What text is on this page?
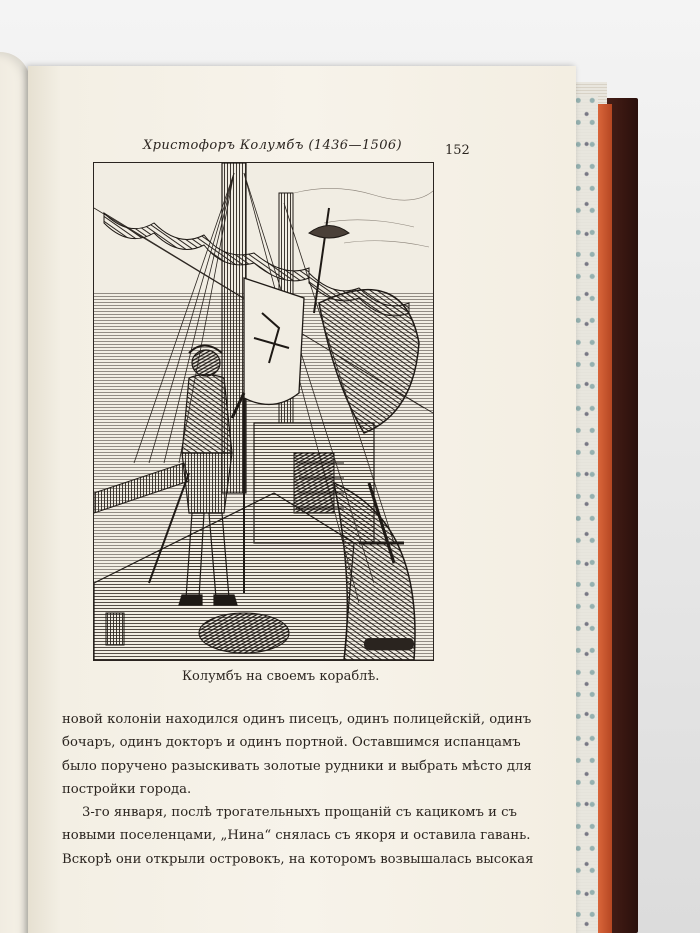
Христофоръ Колумбъ (1436—1506)	152
Колумбъ на своемъ кораблѣ.
новой колонiи находился одинъ писецъ, одинъ полицейскiй, одинъ
бочаръ, одинъ докторъ и одинъ портной. Оставшимся испанцамъ
было поручено разыскивать золотые рудники и выбрать мѣсто для
постройки города.
3-го января, послѣ трогательныхъ прощанiй съ кацикомъ и съ
новыми поселенцами, „Нина“ снялась съ якоря и оставила гавань.
Вскорѣ они открыли островокъ, на которомъ возвышалась высокая
